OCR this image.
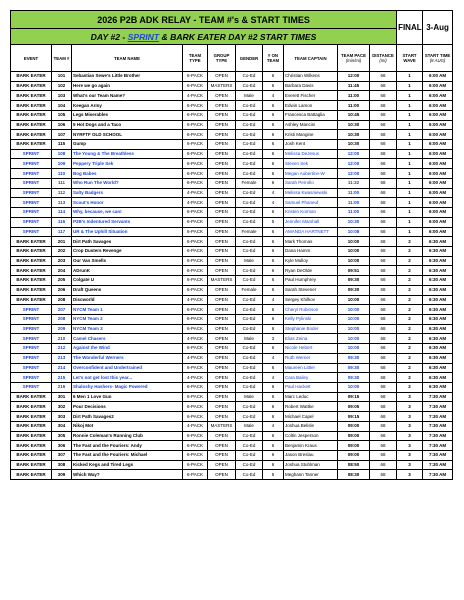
2026 P2B ADK RELAY - TEAM #'s & START TIMES										FINAL	3-Aug
DAY #2 - SPRINT & BARK EATER DAY #2 START TIMES											
EVENT	TEAM #	TEAM NAME	TEAM TYPE	GROUP TYPE	GENDER	# ON TEAM	TEAM CAPTAIN	TEAM PACE
(min/mi)	DISTANCE
(mi)	START WAVE	START TIME
(8 AUG)
BARK EATER	101	Sebastian Sewe's Little Brother	6-PACK	OPEN	Co-Ed	6	Christian Wilkens	12:00	68	1	6:00 AM
BARK EATER	102	Here we go again	6-PACK	MASTERS	Co-Ed	6	Barbara Davis	11:45	68	1	6:00 AM
BARK EATER	103	What's our Team Name?	4-PACK	OPEN	Male	4	Everett Fischer	11:00	68	1	6:00 AM
BARK EATER	104	Keegan Army	6-PACK	OPEN	Co-Ed	6	Edwin Lamon	11:00	68	1	6:00 AM
BARK EATER	105	Legs Miserables	6-PACK	OPEN	Co-Ed	6	Francesca Battaglia	10:45	68	1	6:00 AM
BARK EATER	106	5 Hot Dogs and a Taco	6-PACK	OPEN	Co-Ed	6	Ashley Mancini	10:30	68	1	6:00 AM
BARK EATER	107	NYRFTF OLD SCHOOL	6-PACK	OPEN	Co-Ed	6	Kristi Mangine	10:30	68	1	6:00 AM
BARK EATER	115	Gump	6-PACK	OPEN	Co-Ed	6	Josh Kent	10:30	68	1	6:00 AM
SPRINT	108	The Young & The Breathless	6-PACK	OPEN	Co-Ed	6	Melissa DeJesus	12:00	68	1	6:00 AM
SPRINT	109	Peppery Triple Sek	6-PACK	OPEN	Co-Ed	6	Steven Sek	12:00	68	1	6:00 AM
SPRINT	110	Bog Babes	6-PACK	OPEN	Co-Ed	6	Megan Aubertine-W	12:00	68	1	6:00 AM
SPRINT	111	Who Run The World?	6-PACK	OPEN	Female	6	Sarah Perrollo	11:32	68	1	6:00 AM
SPRINT	112	Salty Badgers	4-PACK	OPEN	Co-Ed	4	Melissa Kwasniewski	11:00	68	1	6:00 AM
SPRINT	113	Scout's Honor	4-PACK	OPEN	Co-Ed	4	Samuel Phaneuf	11:00	68	1	6:00 AM
SPRINT	114	Why, because, we can!	6-PACK	OPEN	Co-Ed	6	Kristen Korman	11:00	68	1	6:00 AM
SPRINT	116	P2B's Indentured Servants	6-PACK	OPEN	Co-Ed	5	Jennifer Marshall	10:30	68	1	6:00 AM
SPRINT	117	UR & The Uphill Situation	6-PACK	OPEN	Female	6	AMANDA HARTNETT	10:08	68	1	6:00 AM
BARK EATER	201	Dirt Path Savages	6-PACK	OPEN	Co-Ed	6	Mark Thomas	10:00	68	2	6:30 AM
BARK EATER	202	Crop Dusters Revenge	6-PACK	OPEN	Co-Ed	6	Dana Hamm	10:00	68	2	6:30 AM
BARK EATER	203	Our Van Smells	6-PACK	OPEN	Male	6	Kyle Mulloy	10:00	68	2	6:30 AM
BARK EATER	204	ADrunK	6-PACK	OPEN	Co-Ed	6	Ryan DeOlde	09:51	68	2	6:30 AM
BARK EATER	205	Colgate U	6-PACK	MASTERS	Co-Ed	6	Paul Humphrey	09:30	68	2	6:30 AM
BARK EATER	206	Draft Queens	6-PACK	OPEN	Female	6	Sarah Stevener	09:30	68	2	6:30 AM
BARK EATER	208	Discworld	4-PACK	OPEN	Co-Ed	4	Sergey Khilkov	10:00	68	2	6:30 AM
SPRINT	207	NYCM Team 1	6-PACK	OPEN	Co-Ed	6	Cheryl Robinson	10:00	68	2	6:30 AM
SPRINT	208	NYCM Team 2	6-PACK	OPEN	Co-Ed	6	Kelly Pylinski	10:00	68	2	6:30 AM
SPRINT	209	NYCM Team 3	6-PACK	OPEN	Co-Ed	6	Stephanie Boder	10:00	68	2	6:30 AM
SPRINT	210	Camel Chasers	4-PACK	OPEN	Male	3	Elias Zeina	10:00	68	2	6:30 AM
SPRINT	212	Against the Wind	6-PACK	OPEN	Co-Ed	6	Nicole Hebert	10:00	68	2	6:30 AM
SPRINT	213	The Wonderful Werners	4-PACK	OPEN	Co-Ed	4	Ruth Werner	09:30	68	2	6:30 AM
SPRINT	214	Overconfident and Undertrained	6-PACK	OPEN	Co-Ed	6	Maureen Littler	09:30	68	2	6:30 AM
SPRINT	215	Let's not get lost this year...	4-PACK	OPEN	Co-Ed	4	Cara Bailey	09:30	68	2	6:30 AM
SPRINT	216	Shaloshy Hashers- Magic Powered	6-PACK	OPEN	Co-Ed	6	Paul Hackett	10:00	68	2	6:30 AM
BARK EATER	301	6 Men 1 Love Gun	6-PACK	OPEN	Male	6	Marc Leduc	09:15	68	3	7:30 AM
BARK EATER	302	Pour Decisions	6-PACK	OPEN	Co-Ed	6	Robert Wattke	09:05	68	3	7:30 AM
BARK EATER	303	Dirt Path Savages2	6-PACK	OPEN	Co-Ed	6	Michael Capel	09:15	68	3	7:30 AM
BARK EATER	304	Nikoj Mot	4-PACK	MASTERS	Male	4	Joshua Belisle	09:00	68	3	7:30 AM
BARK EATER	305	Ronnie Coleman's Running Club	6-PACK	OPEN	Co-Ed	6	Coltin Jesperson	09:00	68	3	7:30 AM
BARK EATER	306	The Fast and the Fouriers: Andy	6-PACK	OPEN	Co-Ed	6	Benjamin Kraus	09:00	68	3	7:30 AM
BARK EATER	307	The Fast and the Fouriers: Michael	6-PACK	OPEN	Co-Ed	6	Jason Breslau	09:00	68	3	7:30 AM
BARK EATER	308	Kicked Kegs and Tired Legs	6-PACK	OPEN	Co-Ed	6	Joshua Stuhlman	08:50	68	3	7:30 AM
BARK EATER	309	Which Way?	6-PACK	OPEN	Co-Ed	5	Meghann Tanner	08:30	68	3	7:30 AM
